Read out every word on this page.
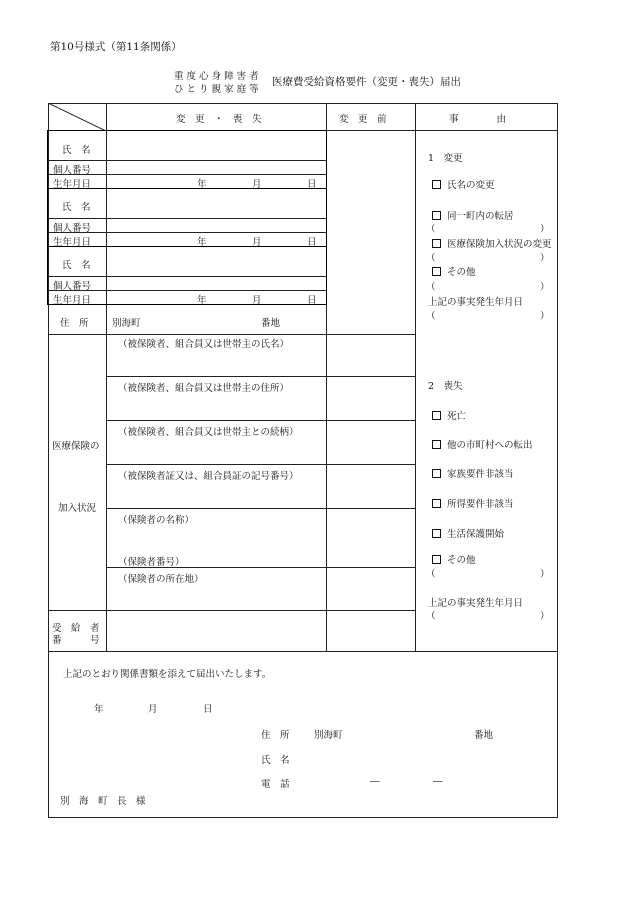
第10号様式（第11条関係）
重 度 心 身 障 害 者
ひ と り 親 家 庭 等
医療費受給資格要件（変更・喪失）届出
変　更　・　喪　失	変　更　前	事　　　　由
氏　名
個人番号
生年月日	年	月	日
氏　名
個人番号
生年月日	年	月	日
氏　名
個人番号
生年月日	年	月	日
住　所 別海町	番地
医療保険の
加入状況
（被保険者、組合員又は世帯主の氏名）
（被保険者、組合員又は世帯主の住所）
（被保険者、組合員又は世帯主との続柄）
（被保険者証又は、組合員証の記号番号）
（保険者の名称）
（保険者番号）
（保険者の所在地）
受　給　者
番　　　号
1　変更
氏名の変更
同一町内の転居
（　　　　　　　　　　　）
医療保険加入状況の変更
（　　　　　　　　　　　）
その他
（　　　　　　　　　　　）
上記の事実発生年月日
（　　　　　　　　　　　）
2　喪失
死亡
他の市町村への転出
家族要件非該当
所得要件非該当
生活保護開始
その他
（　　　　　　　　　　　）
上記の事実発生年月日
（　　　　　　　　　　　）
上記のとおり関係書類を添えて届出いたします。
年	月	日
住　所	別海町	番地
氏　名
電　話	―	―
別　海　町　長　様
